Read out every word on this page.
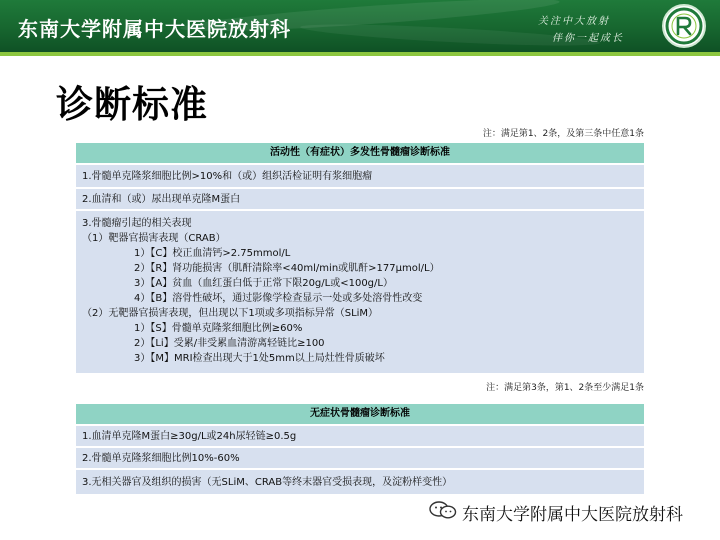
东南大学附属中大医院放射科	关注中大放射
伴你一起成长
诊断标准
注：满足第1、2条，及第三条中任意1条
活动性（有症状）多发性骨髓瘤诊断标准
1.骨髓单克隆浆细胞比例>10%和（或）组织活检证明有浆细胞瘤
2.血清和（或）尿出现单克隆M蛋白
3.骨髓瘤引起的相关表现
（1）靶器官损害表现（CRAB）
1）【C】校正血清钙>2.75mmol/L
2）【R】肾功能损害（肌酐清除率<40ml/min或肌酐>177μmol/L）
3）【A】贫血（血红蛋白低于正常下限20g/L或<100g/L）
4）【B】溶骨性破坏，通过影像学检查显示一处或多处溶骨性改变
（2）无靶器官损害表现，但出现以下1项或多项指标异常（SLiM）
1）【S】骨髓单克隆浆细胞比例≥60%
2）【Li】受累/非受累血清游离轻链比≥100
3）【M】MRI检查出现大于1处5mm以上局灶性骨质破坏
注：满足第3条，第1、2条至少满足1条
无症状骨髓瘤诊断标准
1.血清单克隆M蛋白≥30g/L或24h尿轻链≥0.5g
2.骨髓单克隆浆细胞比例10%-60%
3.无相关器官及组织的损害（无SLiM、CRAB等终末器官受损表现，及淀粉样变性）
东南大学附属中大医院放射科
